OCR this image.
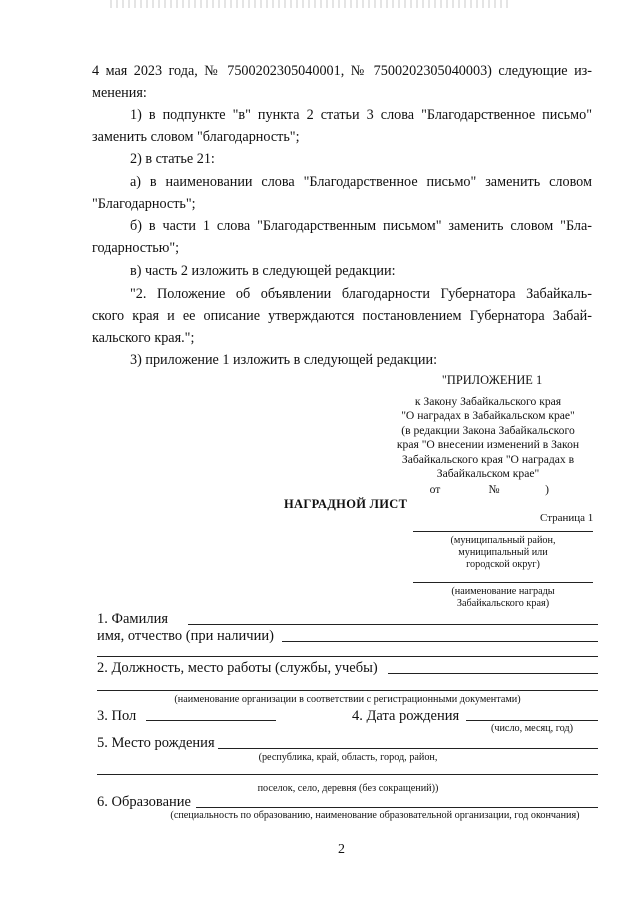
4 мая 2023 года, № 7500202305040001, № 7500202305040003) следующие из-
менения:
1) в подпункте "в" пункта 2 статьи 3 слова "Благодарственное письмо"
заменить словом "благодарность";
2) в статье 21:
а) в наименовании слова "Благодарственное письмо" заменить словом
"Благодарность";
б) в части 1 слова "Благодарственным письмом" заменить словом "Бла-
годарностью";
в) часть 2 изложить в следующей редакции:
"2. Положение об объявлении благодарности Губернатора Забайкаль-
ского края и ее описание утверждаются постановлением Губернатора Забай-
кальского края.";
3) приложение 1 изложить в следующей редакции:
"ПРИЛОЖЕНИЕ 1
к Закону Забайкальского края
"О наградах в Забайкальском крае"
(в редакции Закона Забайкальского
края "О внесении изменений в Закон
Забайкальского края "О наградах в
Забайкальском крае"
от	№	)
НАГРАДНОЙ ЛИСТ
Страница 1
(муниципальный район,
муниципальный или
городской округ)
(наименование награды
Забайкальского края)
1. Фамилия
имя, отчество (при наличии)
2. Должность, место работы (службы, учебы)
(наименование организации в соответствии с регистрационными документами)
3. Пол	4. Дата рождения
(число, месяц, год)
5. Место рождения
(республика, край, область, город, район,
поселок, село, деревня (без сокращений))
6. Образование
(специальность по образованию, наименование образовательной организации, год окончания)
2
